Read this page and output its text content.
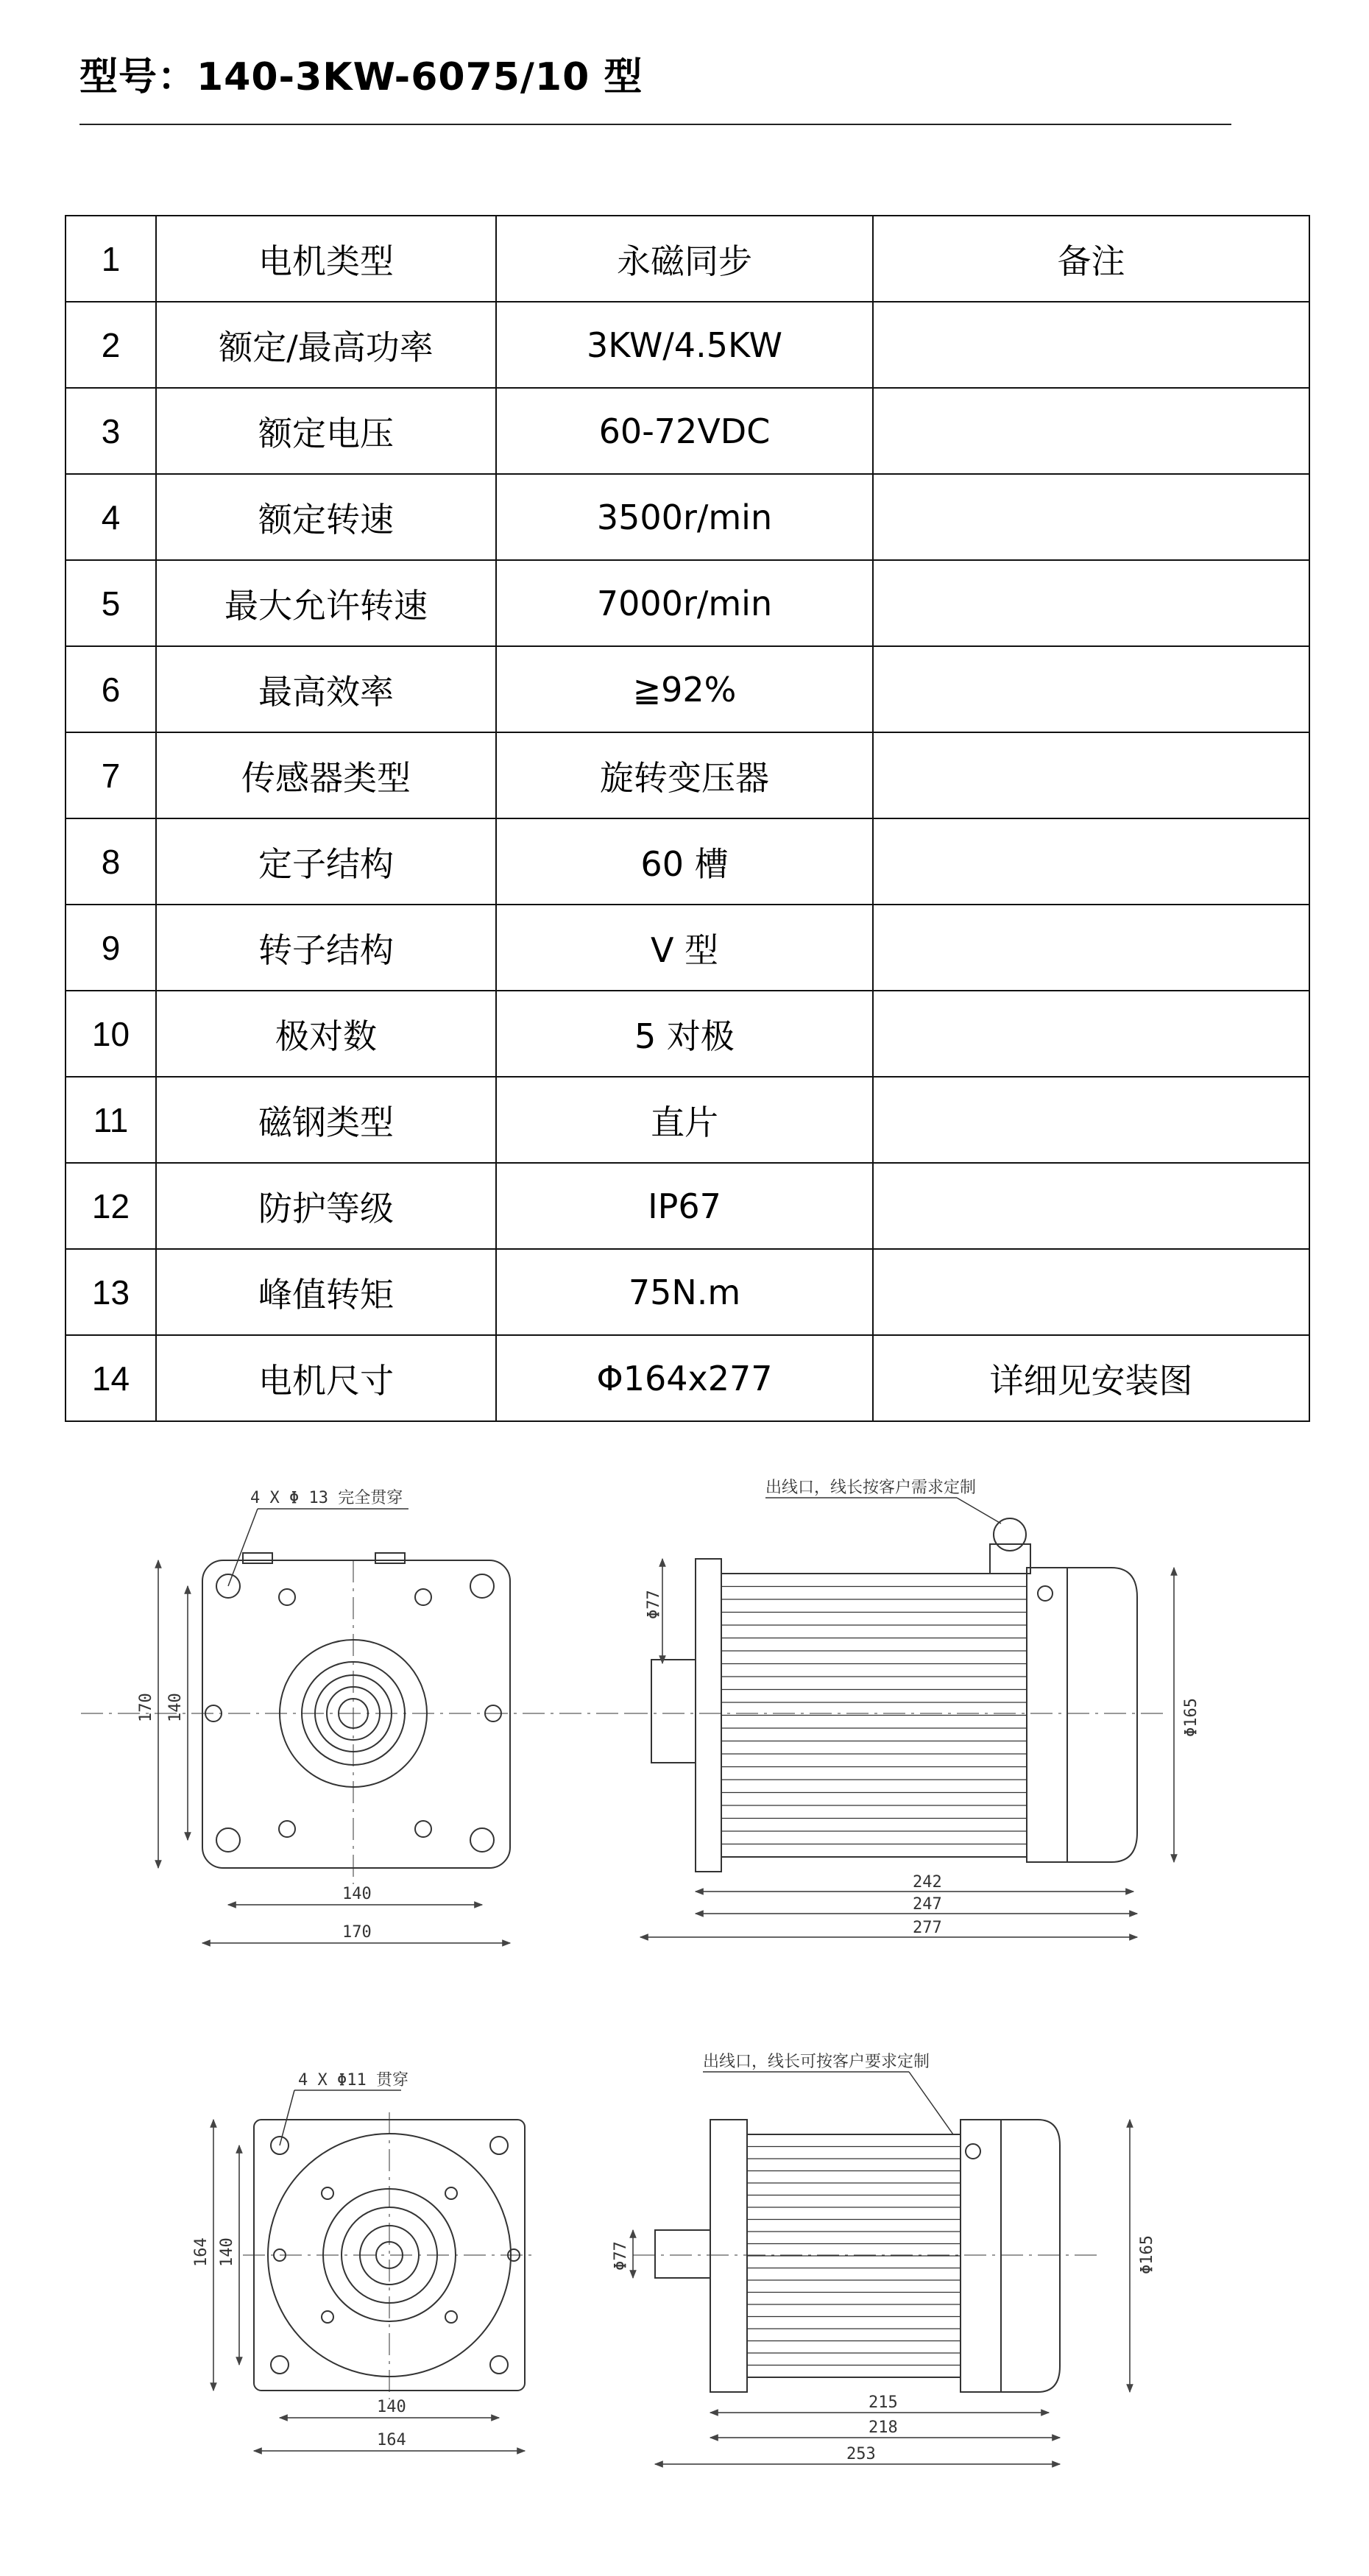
型号：140-3KW-6075/10 型
1	电机类型	永磁同步	备注
2	额定/最高功率	3KW/4.5KW	
3	额定电压	60-72VDC	
4	额定转速	3500r/min	
5	最大允许转速	7000r/min	
6	最高效率	≧92%	
7	传感器类型	旋转变压器	
8	定子结构	60 槽	
9	转子结构	V 型	
10	极对数	5 对极	
11	磁钢类型	直片	
12	防护等级	IP67	
13	峰值转矩	75N.m	
14	电机尺寸	Φ164x277	详细见安装图
4 X Φ 13 完全贯穿
170 140
140
170
出线口，线长按客户需求定制
Φ77
Φ165
242
247
277
4 X Φ11 贯穿
164 140
140
164
出线口，线长可按客户要求定制
Φ77	Φ165
215
218
253
